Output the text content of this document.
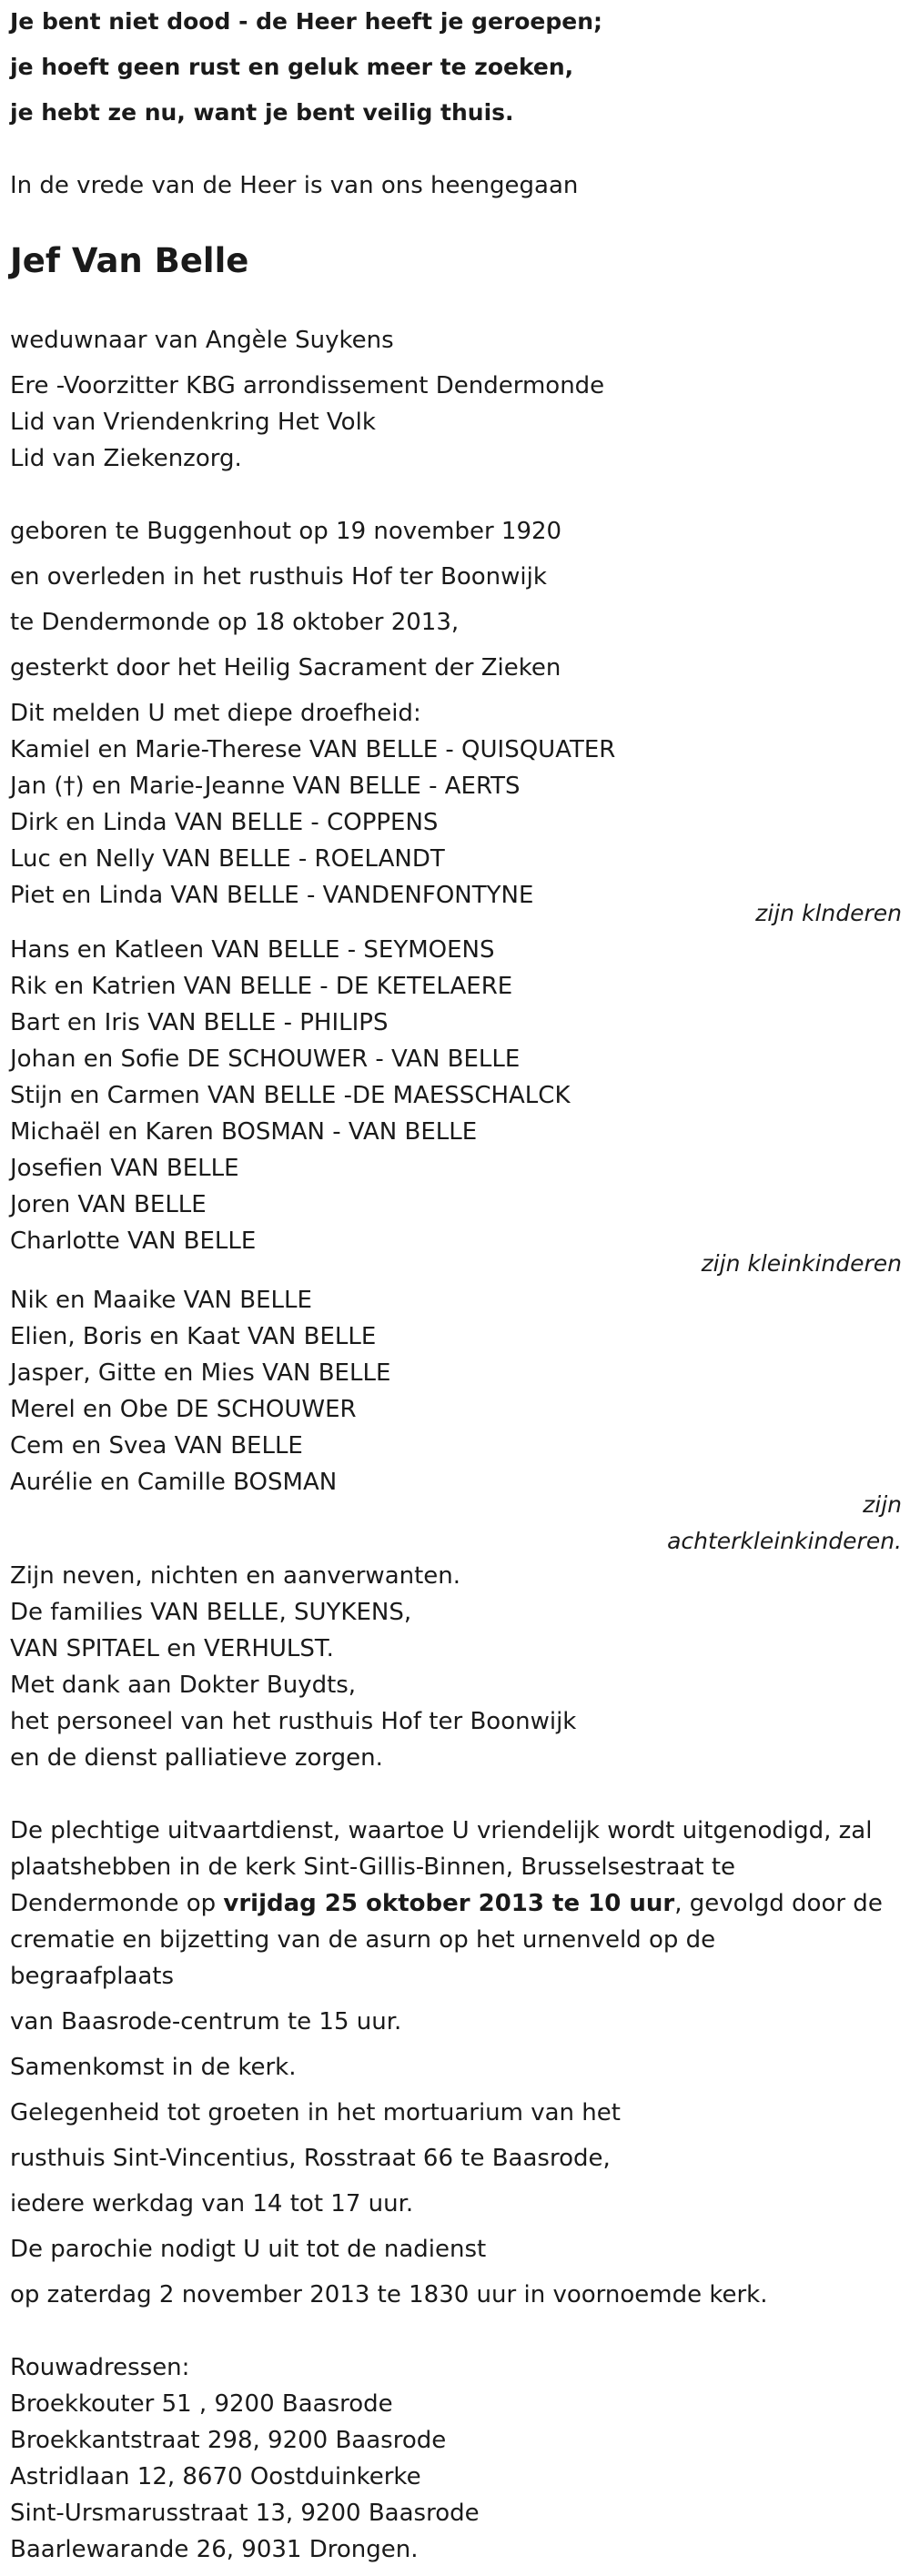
Je bent niet dood - de Heer heeft je geroepen;
je hoeft geen rust en geluk meer te zoeken,
je hebt ze nu, want je bent veilig thuis.
In de vrede van de Heer is van ons heengegaan
Jef Van Belle
weduwnaar van Angèle Suykens
Ere -Voorzitter KBG arrondissement Dendermonde
Lid van Vriendenkring Het Volk
Lid van Ziekenzorg.
geboren te Buggenhout op 19 november 1920
en overleden in het rusthuis Hof ter Boonwijk
te Dendermonde op 18 oktober 2013,
gesterkt door het Heilig Sacrament der Zieken
Dit melden U met diepe droefheid:
Kamiel en Marie-Therese VAN BELLE - QUISQUATER
Jan (†) en Marie-Jeanne VAN BELLE - AERTS
Dirk en Linda VAN BELLE - COPPENS
Luc en Nelly VAN BELLE - ROELANDT
Piet en Linda VAN BELLE - VANDENFONTYNE
zijn klnderen
Hans en Katleen VAN BELLE - SEYMOENS
Rik en Katrien VAN BELLE - DE KETELAERE
Bart en Iris VAN BELLE - PHILIPS
Johan en Sofie DE SCHOUWER - VAN BELLE
Stijn en Carmen VAN BELLE -DE MAESSCHALCK
Michaël en Karen BOSMAN - VAN BELLE
Josefien VAN BELLE
Joren VAN BELLE
Charlotte VAN BELLE
zijn kleinkinderen
Nik en Maaike VAN BELLE
Elien, Boris en Kaat VAN BELLE
Jasper, Gitte en Mies VAN BELLE
Merel en Obe DE SCHOUWER
Cem en Svea VAN BELLE
Aurélie en Camille BOSMAN
zijn
achterkleinkinderen.
Zijn neven, nichten en aanverwanten.
De families VAN BELLE, SUYKENS,
VAN SPITAEL en VERHULST.
Met dank aan Dokter Buydts,
het personeel van het rusthuis Hof ter Boonwijk
en de dienst palliatieve zorgen.
De plechtige uitvaartdienst, waartoe U vriendelijk wordt uitgenodigd, zal
plaatshebben in de kerk Sint-Gillis-Binnen, Brusselsestraat te
Dendermonde op vrijdag 25 oktober 2013 te 10 uur, gevolgd door de
crematie en bijzetting van de asurn op het urnenveld op de
begraafplaats
van Baasrode-centrum te 15 uur.
Samenkomst in de kerk.
Gelegenheid tot groeten in het mortuarium van het
rusthuis Sint-Vincentius, Rosstraat 66 te Baasrode,
iedere werkdag van 14 tot 17 uur.
De parochie nodigt U uit tot de nadienst
op zaterdag 2 november 2013 te 1830 uur in voornoemde kerk.
Rouwadressen:
Broekkouter 51 , 9200 Baasrode
Broekkantstraat 298, 9200 Baasrode
Astridlaan 12, 8670 Oostduinkerke
Sint-Ursmarusstraat 13, 9200 Baasrode
Baarlewarande 26, 9031 Drongen.
